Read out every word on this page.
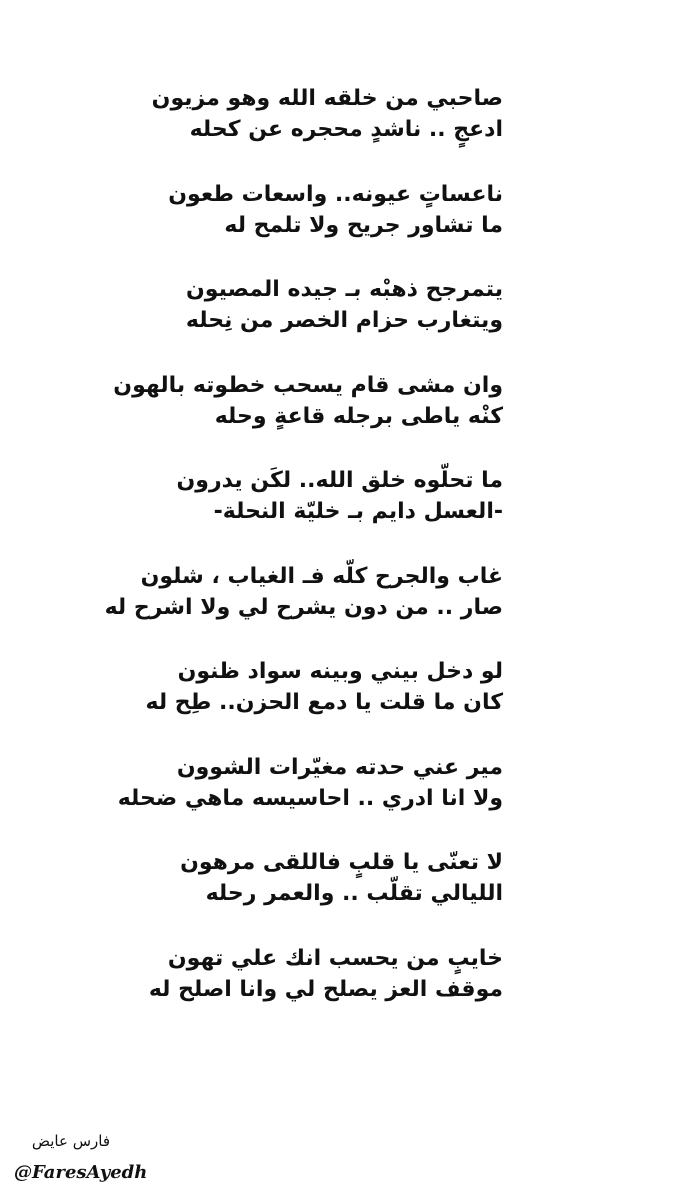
صاحبي من خلقه الله وهو مزيون
ادعجٍ .. ناشدٍ محجره عن كحله
ناعساتٍ عيونه.. واسعات طعون
ما تشاور جريح ولا تلمح له
يتمرجح ذهبْه بـ جيده المصيون
ويتغارب حزام الخصر من نِحله
وان مشى قام يسحب خطوته بالهون
كنْه ياطى برجله قاعةٍ وحله
ما تحلّوه خلق الله.. لكَن يدرون
-العسل دايم بـ خليّة النحلة-
غاب والجرح كلّه فـ الغياب ، شلون
صار .. من دون يشرح لي ولا اشرح له
لو دخل بيني وبينه سواد ظنون
كان ما قلت يا دمع الحزن.. طِح له
مير عني حدته مغيّرات الشوون
ولا انا ادري .. احاسيسه ماهي ضحله
لا تعنّى يا قلبٍ فاللقى مرهون
الليالي تقلّب .. والعمر رحله
خايبٍ من يحسب انك علي تهون
موقف العز يصلح لي وانا اصلح له
فارس عايض
@FaresAyedh
